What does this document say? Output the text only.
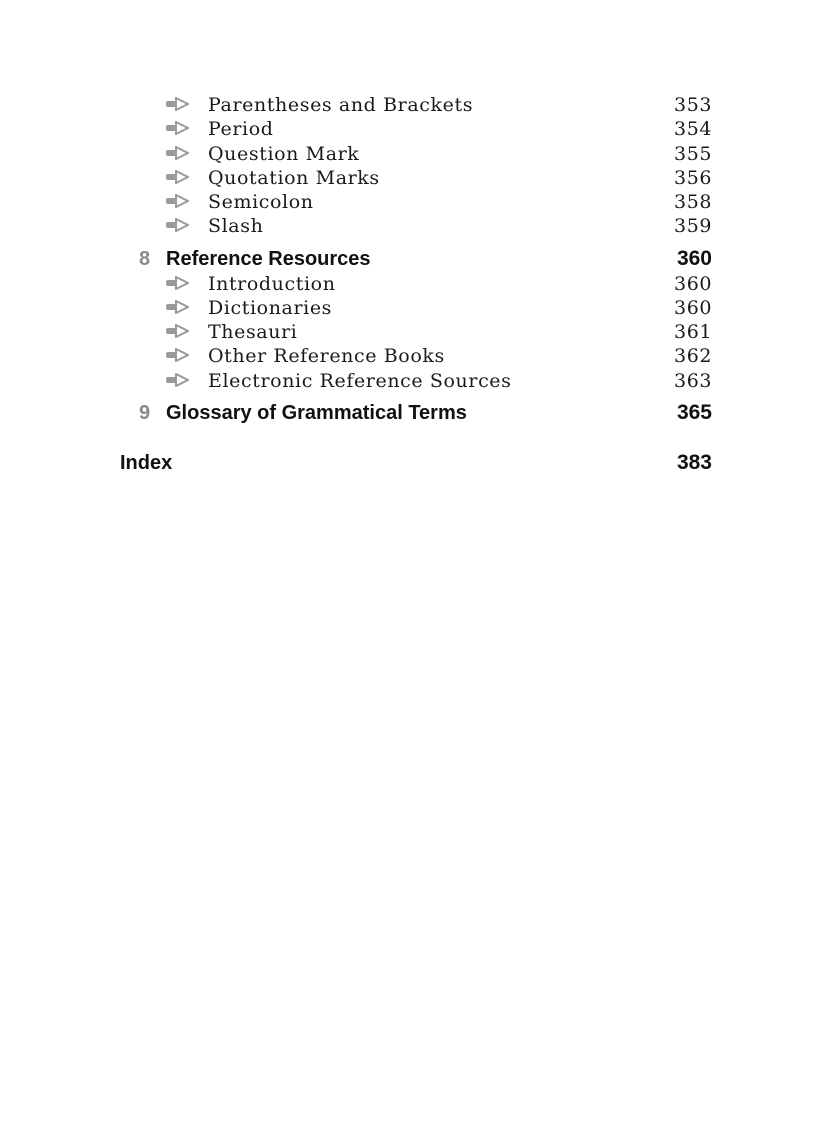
Parentheses and Brackets	353
Period	354
Question Mark	355
Quotation Marks	356
Semicolon	358
Slash	359
8 Reference Resources	360
Introduction	360
Dictionaries	360
Thesauri	361
Other Reference Books	362
Electronic Reference Sources	363
9 Glossary of Grammatical Terms	365
Index	383
